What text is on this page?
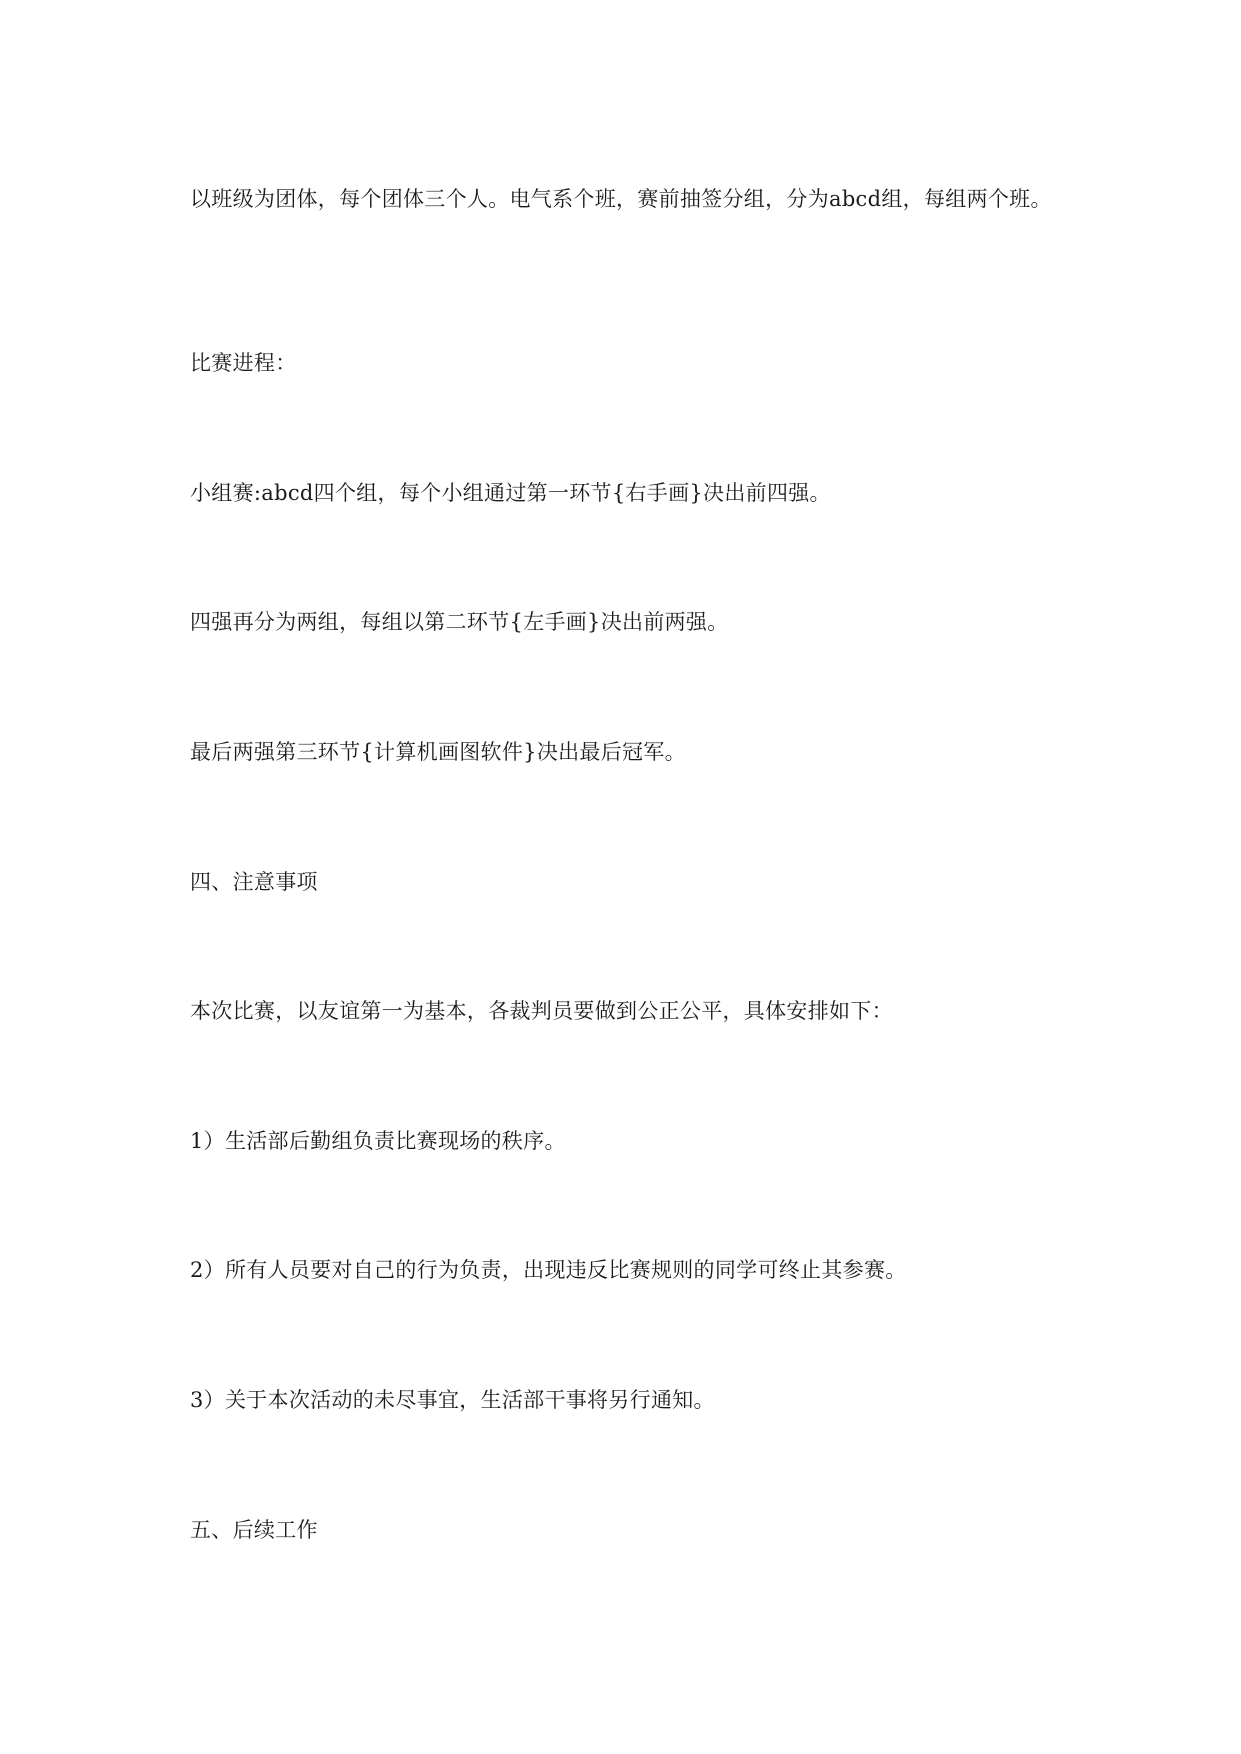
以班级为团体，每个团体三个人。电气系个班，赛前抽签分组，分为abcd组，每组两个班。

比赛进程：

小组赛:abcd四个组，每个小组通过第一环节{右手画}决出前四强。

四强再分为两组，每组以第二环节{左手画}决出前两强。

最后两强第三环节{计算机画图软件}决出最后冠军。

四、注意事项

本次比赛，以友谊第一为基本，各裁判员要做到公正公平，具体安排如下：

1）生活部后勤组负责比赛现场的秩序。

2）所有人员要对自己的行为负责，出现违反比赛规则的同学可终止其参赛。

3）关于本次活动的未尽事宜，生活部干事将另行通知。

五、后续工作
